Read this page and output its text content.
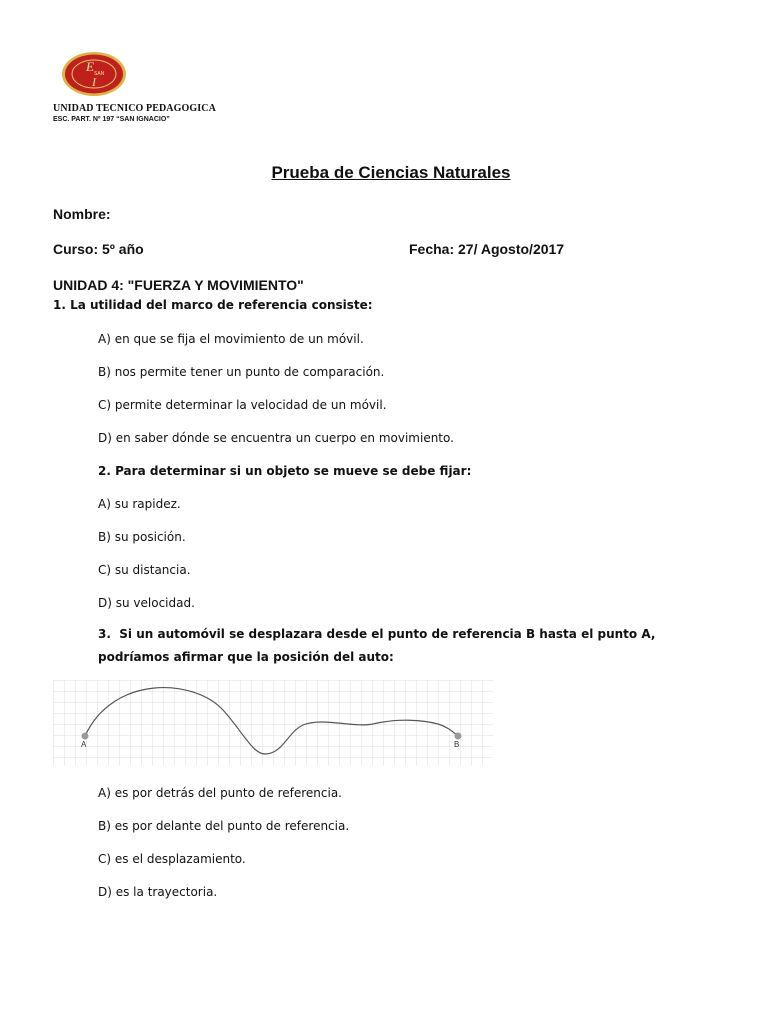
E SAN
I
UNIDAD TECNICO PEDAGOGICA
ESC. PART. Nº 197 “SAN IGNACIO”
Prueba de Ciencias Naturales
Nombre:
Curso: 5º año	Fecha: 27/ Agosto/2017
UNIDAD 4: "FUERZA Y MOVIMIENTO"
1. La utilidad del marco de referencia consiste:
A) en que se fija el movimiento de un móvil.
B) nos permite tener un punto de comparación.
C) permite determinar la velocidad de un móvil.
D) en saber dónde se encuentra un cuerpo en movimiento.
2. Para determinar si un objeto se mueve se debe fijar:
A) su rapidez.
B) su posición.
C) su distancia.
D) su velocidad.
3. Si un automóvil se desplazara desde el punto de referencia B hasta el punto A, podríamos afirmar que la posición del auto:
A	B
A) es por detrás del punto de referencia.
B) es por delante del punto de referencia.
C) es el desplazamiento.
D) es la trayectoria.
